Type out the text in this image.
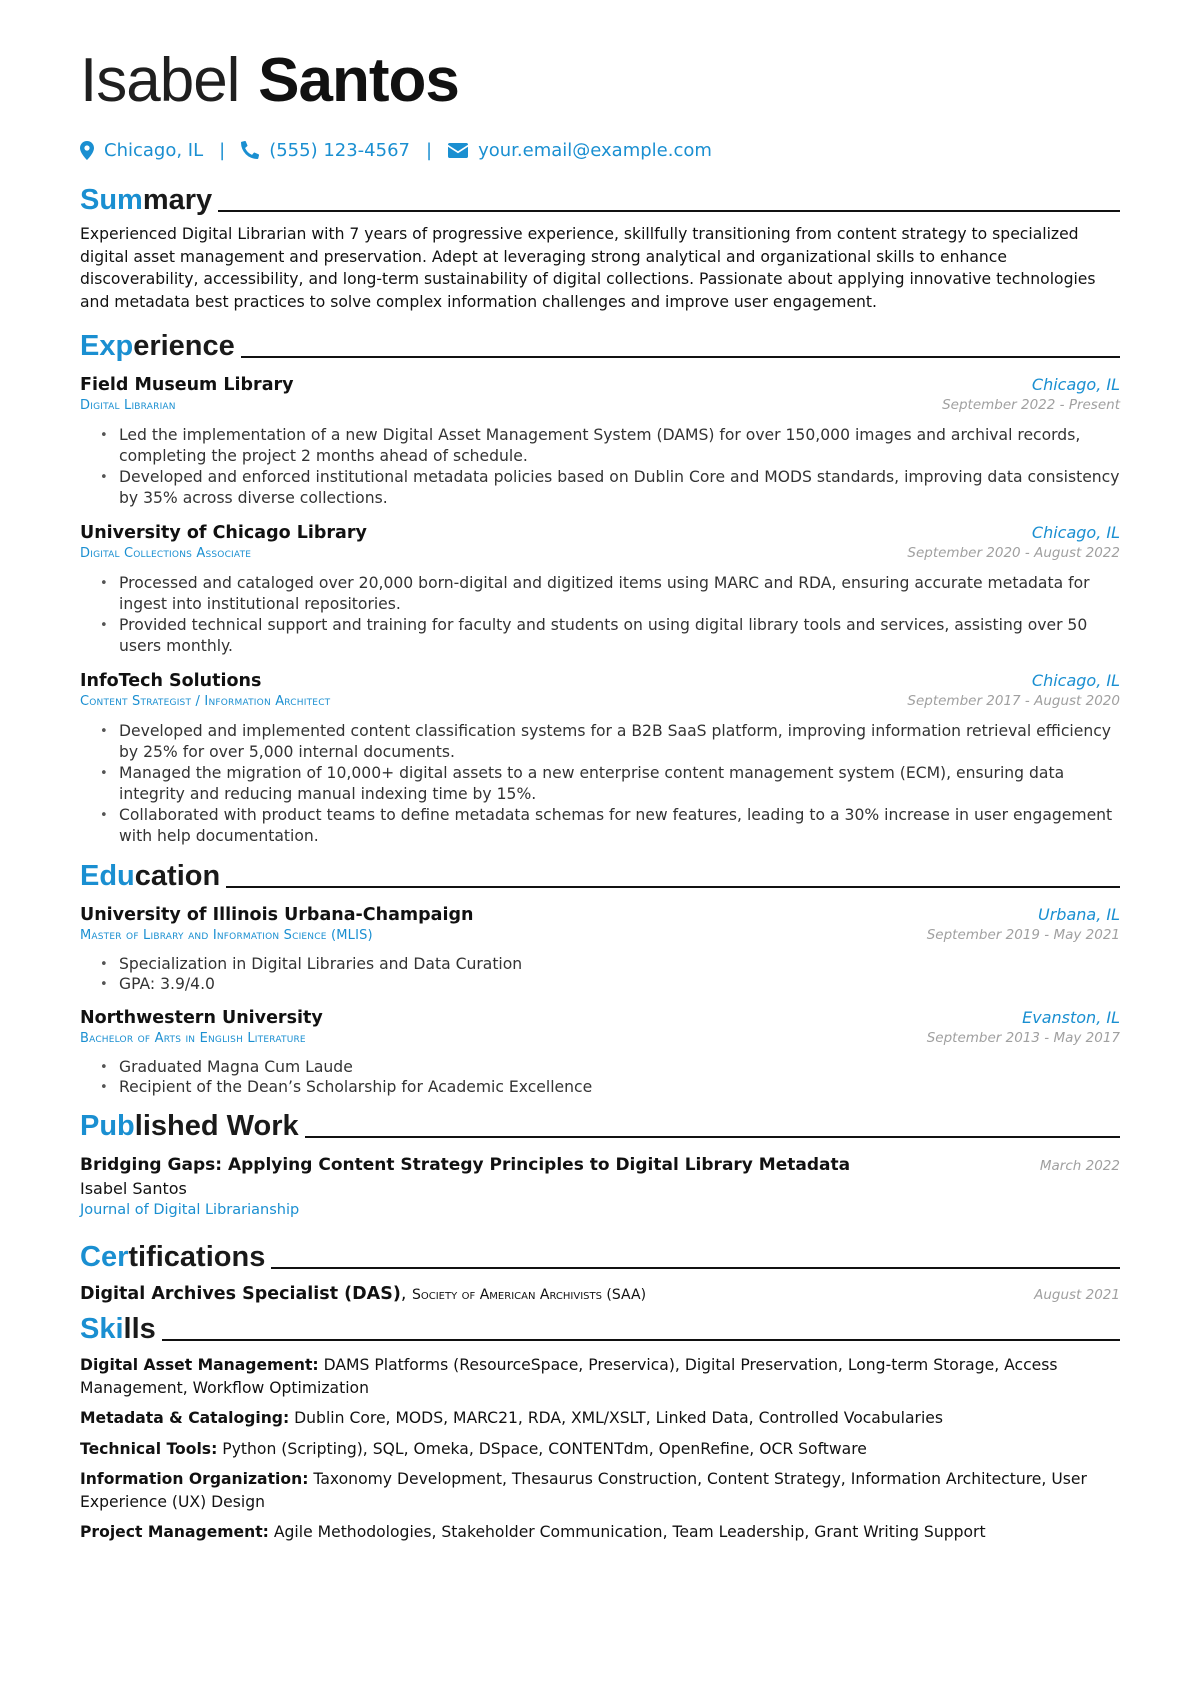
Isabel Santos
Chicago, IL | (555) 123-4567 |	your.email@example.com
Summary

Experienced Digital Librarian with 7 years of progressive experience, skillfully transitioning from content strategy to specialized digital asset management and preservation. Adept at leveraging strong analytical and organizational skills to enhance discoverability, accessibility, and long-term sustainability of digital collections. Passionate about applying innovative technologies and metadata best practices to solve complex information challenges and improve user engagement.

Experience
Field Museum Library	Chicago, IL
Digital Librarian	September 2022 - Present
• Led the implementation of a new Digital Asset Management System (DAMS) for over 150,000 images and archival records, completing the project 2 months ahead of schedule.
• Developed and enforced institutional metadata policies based on Dublin Core and MODS standards, improving data consistency by 35% across diverse collections.
University of Chicago Library	Chicago, IL
Digital Collections Associate	September 2020 - August 2022
• Processed and cataloged over 20,000 born-digital and digitized items using MARC and RDA, ensuring accurate metadata for ingest into institutional repositories.
• Provided technical support and training for faculty and students on using digital library tools and services, assisting over 50 users monthly.
InfoTech Solutions	Chicago, IL
Content Strategist / Information Architect	September 2017 - August 2020
• Developed and implemented content classification systems for a B2B SaaS platform, improving information retrieval efficiency by 25% for over 5,000 internal documents.
• Managed the migration of 10,000+ digital assets to a new enterprise content management system (ECM), ensuring data integrity and reducing manual indexing time by 15%.
• Collaborated with product teams to define metadata schemas for new features, leading to a 30% increase in user engagement with help documentation.
Education
University of Illinois Urbana-Champaign	Urbana, IL
Master of Library and Information Science (MLIS)	September 2019 - May 2021
• Specialization in Digital Libraries and Data Curation
• GPA: 3.9/4.0
Northwestern University	Evanston, IL
Bachelor of Arts in English Literature	September 2013 - May 2017
• Graduated Magna Cum Laude
• Recipient of the Dean’s Scholarship for Academic Excellence
Published Work
Bridging Gaps: Applying Content Strategy Principles to Digital Library Metadata	March 2022
Isabel Santos
Journal of Digital Librarianship
Certifications
Digital Archives Specialist (DAS), Society of American Archivists (SAA)	August 2021
Skills
Digital Asset Management: DAMS Platforms (ResourceSpace, Preservica), Digital Preservation, Long-term Storage, Access Management, Workflow Optimization
Metadata & Cataloging: Dublin Core, MODS, MARC21, RDA, XML/XSLT, Linked Data, Controlled Vocabularies
Technical Tools: Python (Scripting), SQL, Omeka, DSpace, CONTENTdm, OpenRefine, OCR Software
Information Organization: Taxonomy Development, Thesaurus Construction, Content Strategy, Information Architecture, User Experience (UX) Design
Project Management: Agile Methodologies, Stakeholder Communication, Team Leadership, Grant Writing Support
